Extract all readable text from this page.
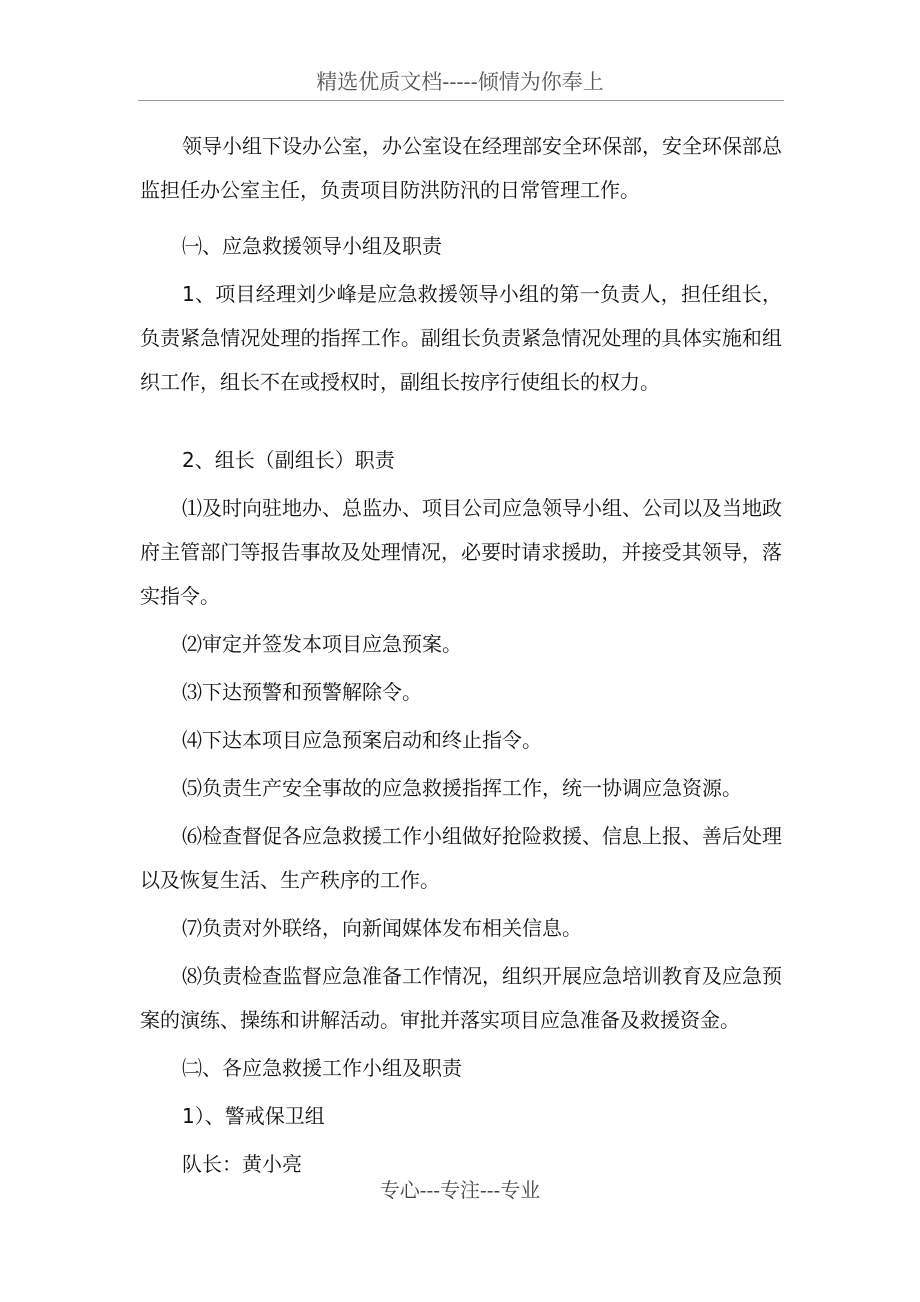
精选优质文档-----倾情为你奉上

领导小组下设办公室，办公室设在经理部安全环保部，安全环保部总监担任办公室主任，负责项目防洪防汛的日常管理工作。

㈠、应急救援领导小组及职责

1、项目经理刘少峰是应急救援领导小组的第一负责人，担任组长，负责紧急情况处理的指挥工作。副组长负责紧急情况处理的具体实施和组织工作，组长不在或授权时，副组长按序行使组长的权力。

2、组长（副组长）职责

⑴及时向驻地办、总监办、项目公司应急领导小组、公司以及当地政府主管部门等报告事故及处理情况，必要时请求援助，并接受其领导，落实指令。

⑵审定并签发本项目应急预案。

⑶下达预警和预警解除令。

⑷下达本项目应急预案启动和终止指令。

⑸负责生产安全事故的应急救援指挥工作，统一协调应急资源。

⑹检查督促各应急救援工作小组做好抢险救援、信息上报、善后处理以及恢复生活、生产秩序的工作。

⑺负责对外联络，向新闻媒体发布相关信息。

⑻负责检查监督应急准备工作情况，组织开展应急培训教育及应急预案的演练、操练和讲解活动。审批并落实项目应急准备及救援资金。

㈡、各应急救援工作小组及职责

1）、警戒保卫组

队长：黄小亮

专心---专注---专业
